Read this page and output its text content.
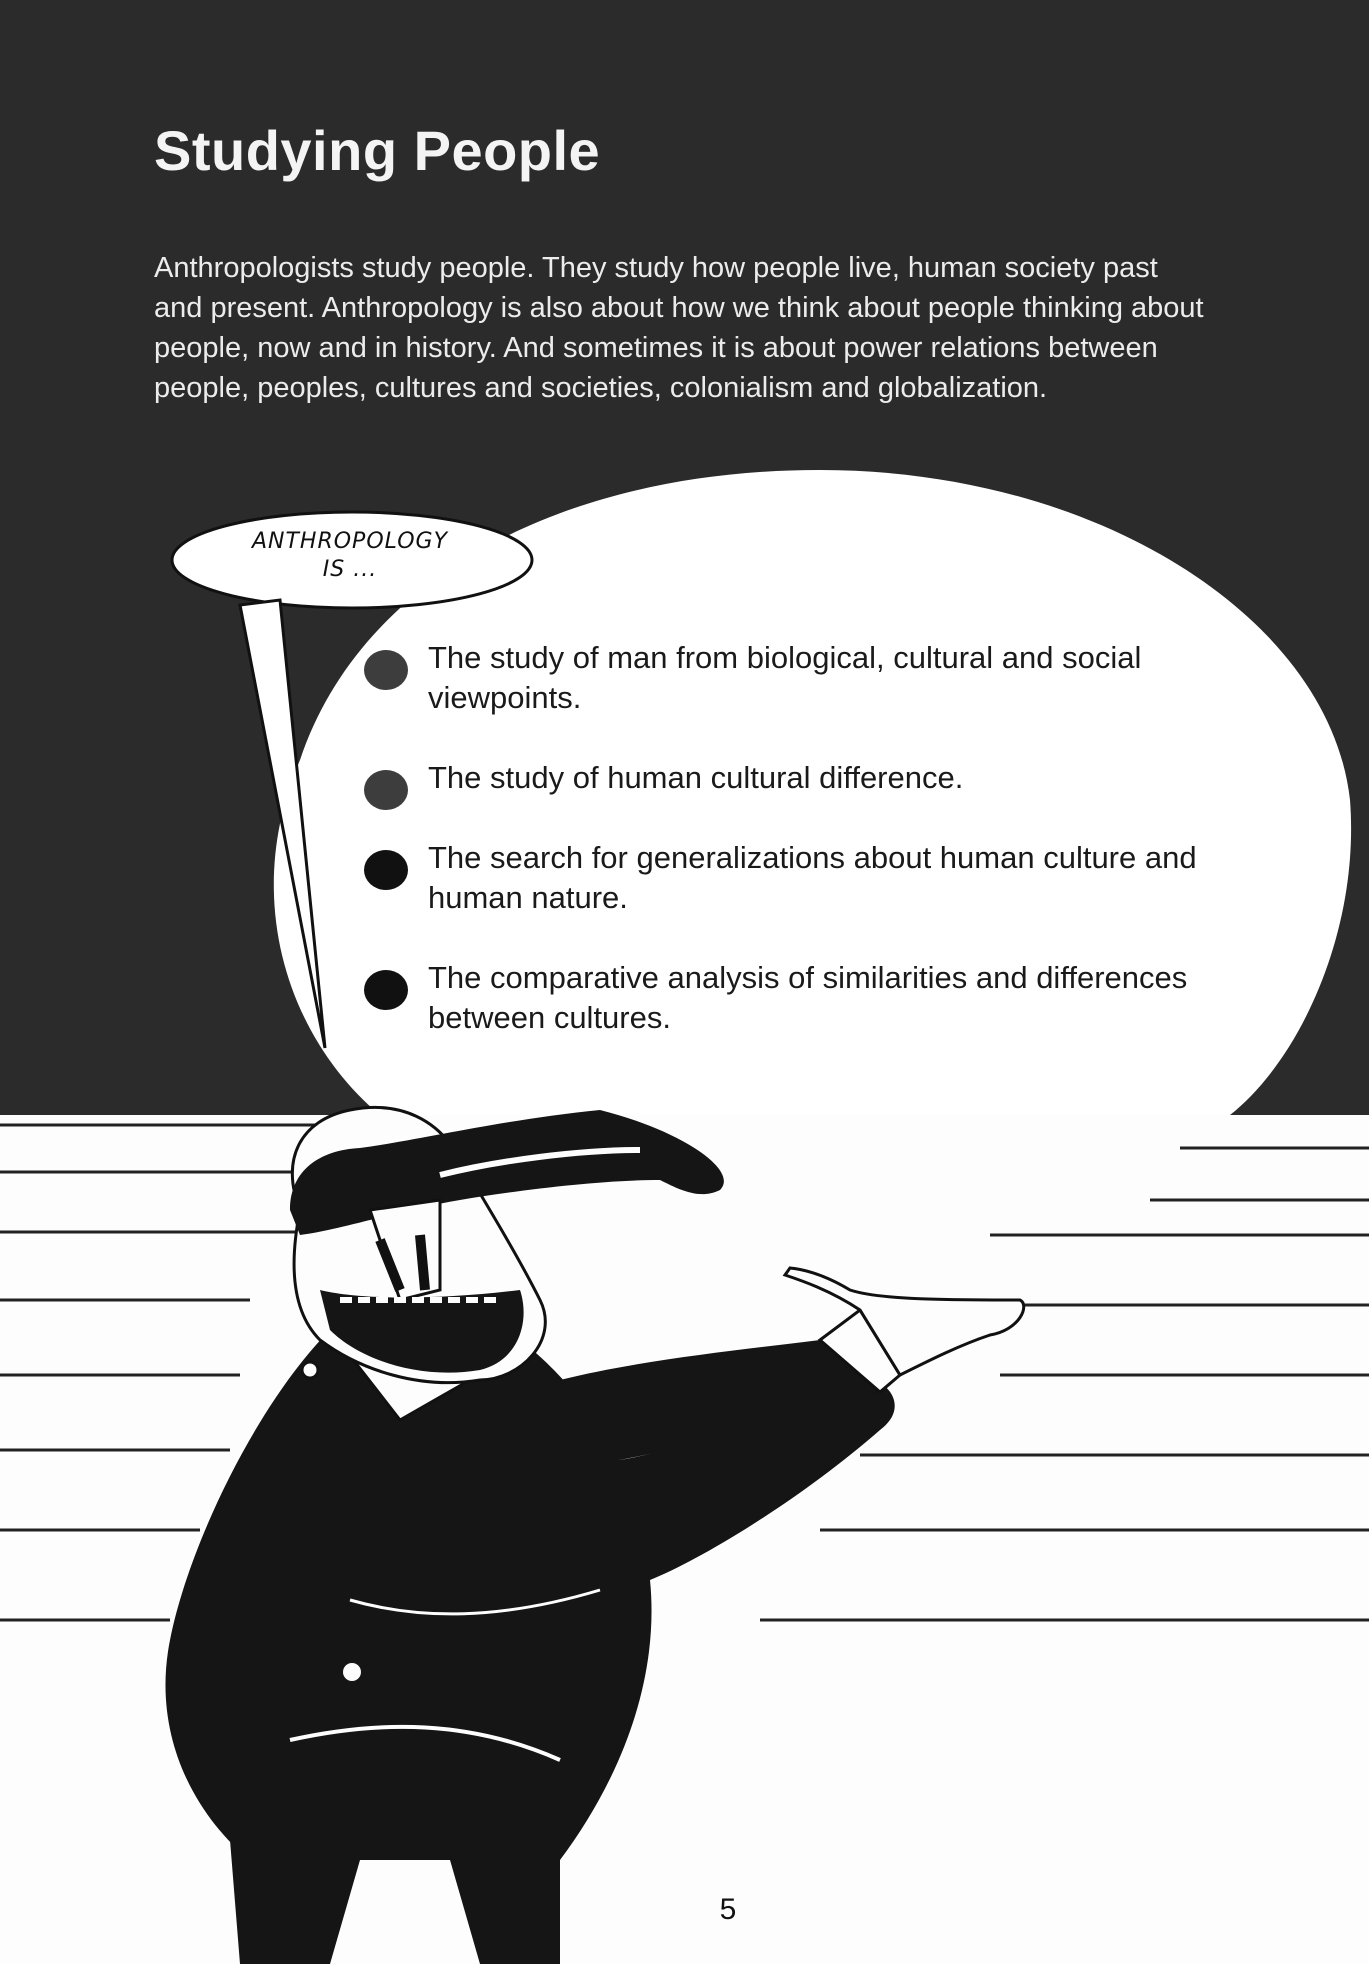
Studying People

Anthropologists study people. They study how people live, human society past and present. Anthropology is also about how we think about people thinking about people, now and in history. And sometimes it is about power relations between people, peoples, cultures and societies, colonialism and globalization.

ANTHROPOLOGY
IS ...
The study of man from biological, cultural and social viewpoints.
The study of human cultural difference.
The search for generalizations about human culture and human nature.
The comparative analysis of similarities and differences between cultures.
5
